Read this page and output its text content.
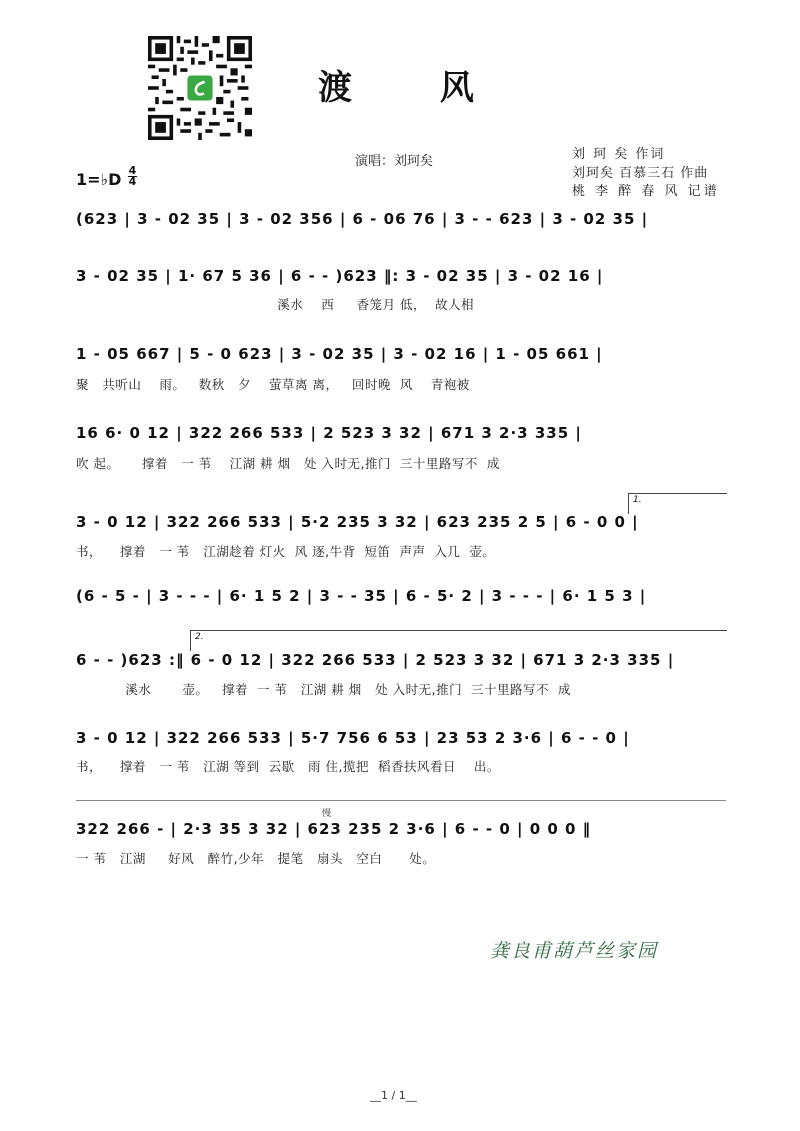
渡 风
演唱：刘珂矣	刘 珂 矣 作词
刘珂矣 百慕三石 作曲
桃 李 醉 春 风 记谱
1=♭D 4
4
(623 | 3 - 02 35 | 3 - 02 356 | 6 - 06 76 | 3 - - 623 | 3 - 02 35 |
3 - 02 35 | 1· 67 5 36 | 6 - - )623 ‖: 3 - 02 35 | 3 - 02 16 |
溪水    西     香笼月 低，  故人相
1 - 05 667 | 5 - 0 623 | 3 - 02 35 | 3 - 02 16 | 1 - 05 661 |
聚   共听山    雨。   数秋   夕    萤草离 离，   回时晚  风    青袍被
16 6· 0 12 | 322 266 533 | 2 523 3 32 | 671 3 2·3 335 |
吹 起。     撑着   一 苇    江湖 耕 烟   处 入时无,推门  三十里路写不  成
1.
3 - 0 12 | 322 266 533 | 5·2 235 3 32 | 623 235 2 5 | 6 - 0 0 |
书，    撑着   一 苇   江湖趁着 灯火  风 逐,牛背  短笛  声声  入几  壶。
(6 - 5 - | 3 - - - | 6· 1 5 2 | 3 - - 35 | 6 - 5· 2 | 3 - - - | 6· 1 5 3 |
2.
6 - - )623 :‖ 6 - 0 12 | 322 266 533 | 2 523 3 32 | 671 3 2·3 335 |
溪水       壶。   撑着  一 苇   江湖 耕 烟   处 入时无,推门  三十里路写不  成
3 - 0 12 | 322 266 533 | 5·7 756 6 53 | 23 53 2 3·6 | 6 - - 0 |
书，    撑着   一 苇   江湖 等到  云歇   雨 住,揽把  稻香扶风看日    出。
慢
322 266 - | 2·3 35 3 32 | 623 235 2 3·6 | 6 - - 0 | 0 0 0 ‖
一 苇   江湖     好风   醉竹,少年   提笔   扇头   空白      处。
龚良甫葫芦丝家园
__1 / 1__
